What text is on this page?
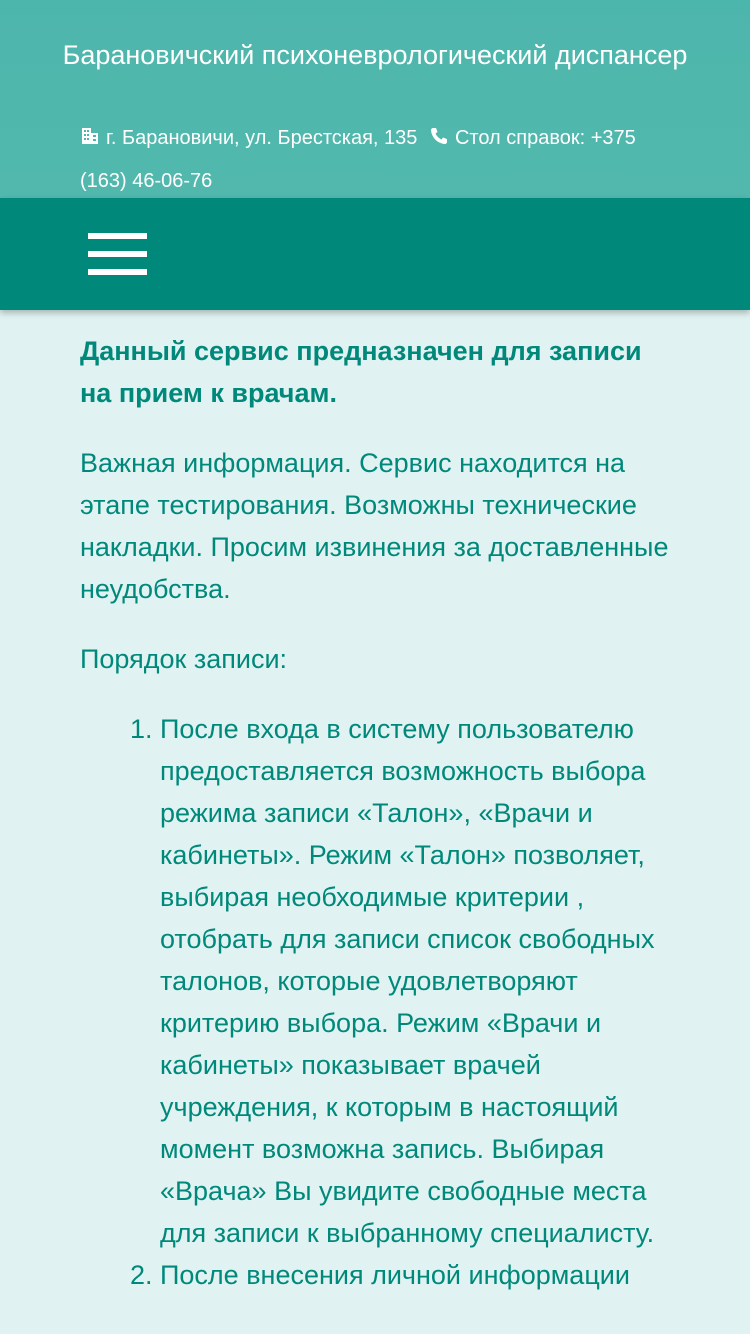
Барановичский психоневрологический диспансер
г. Барановичи, ул. Брестская, 135 Стол справок: +375
(163) 46-06-76

Данный сервис предназначен для записи на прием к врачам.

Важная информация. Сервис находится на этапе тестирования. Возможны технические накладки. Просим извинения за доставленные неудобства.

Порядок записи:

1. После входа в систему пользователю предоставляется возможность выбора режима записи «Талон», «Врачи и кабинеты». Режим «Талон» позволяет, выбирая необходимые критерии , отобрать для записи список свободных талонов, которые удовлетворяют критерию выбора. Режим «Врачи и кабинеты» показывает врачей учреждения, к которым в настоящий момент возможна запись. Выбирая «Врача» Вы увидите свободные места для записи к выбранному специалисту.
2. После внесения личной информации
